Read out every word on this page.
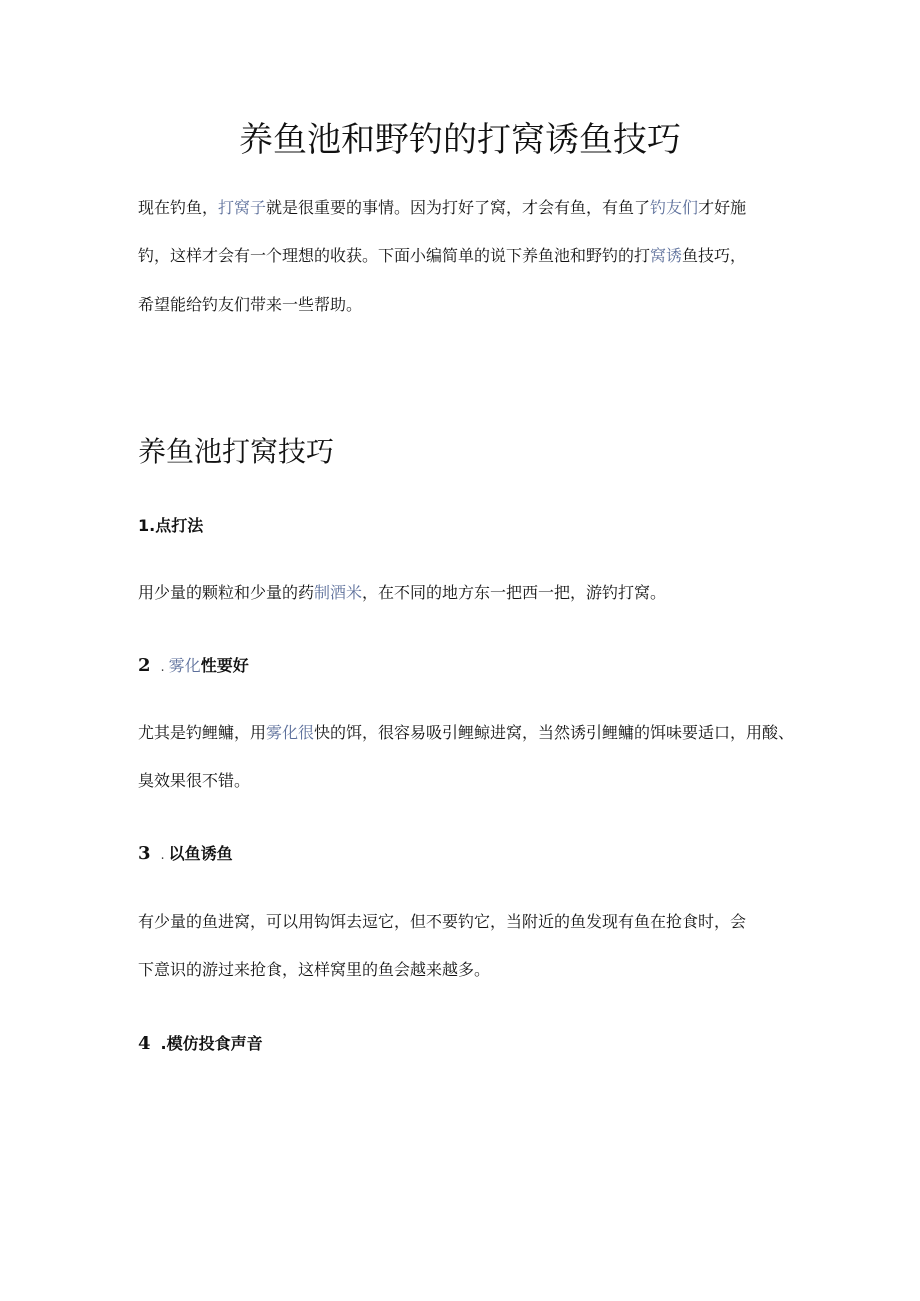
养鱼池和野钓的打窝诱鱼技巧

现在钓鱼，打窝子就是很重要的事情。因为打好了窝，才会有鱼，有鱼了钓友们才好施

钓，这样才会有一个理想的收获。下面小编简单的说下养鱼池和野钓的打窝诱鱼技巧，

希望能给钓友们带来一些帮助。

养鱼池打窝技巧

1.点打法

用少量的颗粒和少量的药制酒米，在不同的地方东一把西一把，游钓打窝。

2 . 雾化性要好

尤其是钓鲤鳙，用雾化很快的饵，很容易吸引鲤鲸进窝，当然诱引鲤鳙的饵味要适口，用酸、

臭效果很不错。

3 . 以鱼诱鱼

有少量的鱼进窝，可以用钩饵去逗它，但不要钓它，当附近的鱼发现有鱼在抢食时，会

下意识的游过来抢食，这样窝里的鱼会越来越多。

4 .模仿投食声音
